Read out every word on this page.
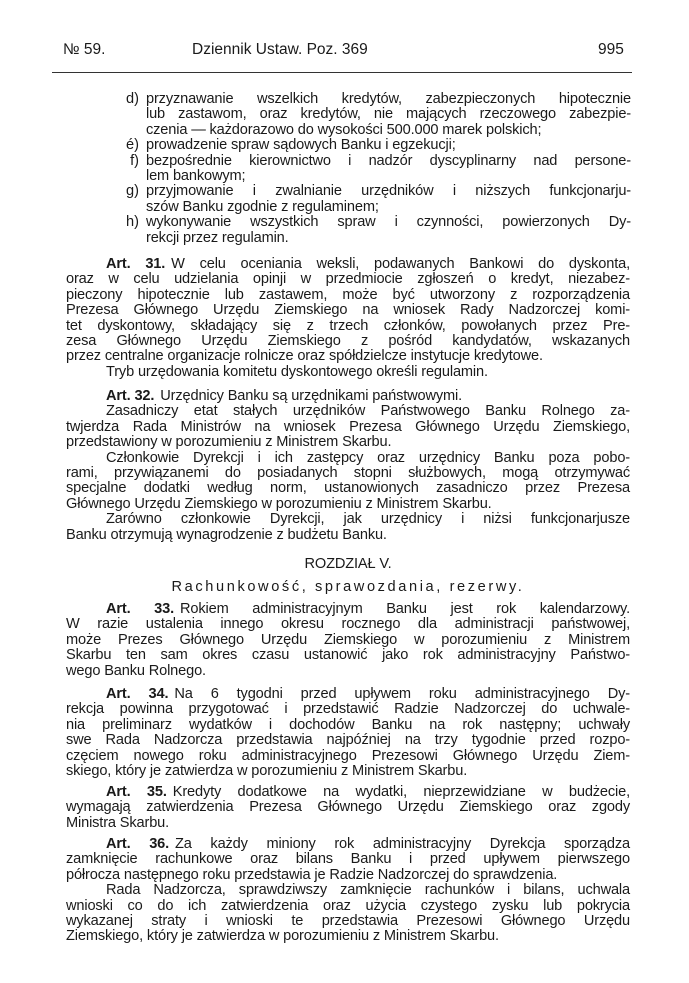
№ 59.	Dziennik Ustaw. Poz. 369	995
ROZDZIAŁ V.
Rachunkowość, sprawozdania, rezerwy.
d) przyznawanie wszelkich kredytów, zabezpieczonych hipotecznie
lub zastawom, oraz kredytów, nie mających rzeczowego zabezpie-
czenia — każdorazowo do wysokości 500.000 marek polskich;
é) prowadzenie spraw sądowych Banku i egzekucji;
f) bezpośrednie kierownictwo i nadzór dyscyplinarny nad persone-
lem bankowym;
g) przyjmowanie i zwalnianie urzędników i niższych funkcjonarju-
szów Banku zgodnie z regulaminem;
h) wykonywanie wszystkich spraw i czynności, powierzonych Dy-
rekcji przez regulamin.
Art. 31. W celu oceniania weksli, podawanych Bankowi do dyskonta,
oraz w celu udzielania opinji w przedmiocie zgłoszeń o kredyt, niezabez-
pieczony hipotecznie lub zastawem, może być utworzony z rozporządzenia
Prezesa Głównego Urzędu Ziemskiego na wniosek Rady Nadzorczej komi-
tet dyskontowy, składający się z trzech członków, powołanych przez Pre-
zesa Głównego Urzędu Ziemskiego z pośród kandydatów, wskazanych
przez centralne organizacje rolnicze oraz spółdzielcze instytucje kredytowe.
Tryb urzędowania komitetu dyskontowego określi regulamin.
Art. 32. Urzędnicy Banku są urzędnikami państwowymi.
Zasadniczy etat stałych urzędników Państwowego Banku Rolnego za-
twjerdza Rada Ministrów na wniosek Prezesa Głównego Urzędu Ziemskiego,
przedstawiony w porozumieniu z Ministrem Skarbu.
Członkowie Dyrekcji i ich zastępcy oraz urzędnicy Banku poza pobo-
rami, przywiązanemi do posiadanych stopni służbowych, mogą otrzymywać
specjalne dodatki według norm, ustanowionych zasadniczo przez Prezesa
Głównego Urzędu Ziemskiego w porozumieniu z Ministrem Skarbu.
Zarówno członkowie Dyrekcji, jak urzędnicy i niżsi funkcjonarjusze
Banku otrzymują wynagrodzenie z budżetu Banku.
Art. 33. Rokiem administracyjnym Banku jest rok kalendarzowy.
W razie ustalenia innego okresu rocznego dla administracji państwowej,
może Prezes Głównego Urzędu Ziemskiego w porozumieniu z Ministrem
Skarbu ten sam okres czasu ustanowić jako rok administracyjny Państwo-
wego Banku Rolnego.
Art. 34. Na 6 tygodni przed upływem roku administracyjnego Dy-
rekcja powinna przygotować i przedstawić Radzie Nadzorczej do uchwale-
nia preliminarz wydatków i dochodów Banku na rok następny; uchwały
swe Rada Nadzorcza przedstawia najpóźniej na trzy tygodnie przed rozpo-
częciem nowego roku administracyjnego Prezesowi Głównego Urzędu Ziem-
skiego, który je zatwierdza w porozumieniu z Ministrem Skarbu.
Art. 35. Kredyty dodatkowe na wydatki, nieprzewidziane w budżecie,
wymagają zatwierdzenia Prezesa Głównego Urzędu Ziemskiego oraz zgody
Ministra Skarbu.
Art. 36. Za każdy miniony rok administracyjny Dyrekcja sporządza
zamknięcie rachunkowe oraz bilans Banku i przed upływem pierwszego
półrocza następnego roku przedstawia je Radzie Nadzorczej do sprawdzenia.
Rada Nadzorcza, sprawdziwszy zamknięcie rachunków i bilans, uchwala
wnioski co do ich zatwierdzenia oraz użycia czystego zysku lub pokrycia
wykazanej straty i wnioski te przedstawia Prezesowi Głównego Urzędu
Ziemskiego, który je zatwierdza w porozumieniu z Ministrem Skarbu.
